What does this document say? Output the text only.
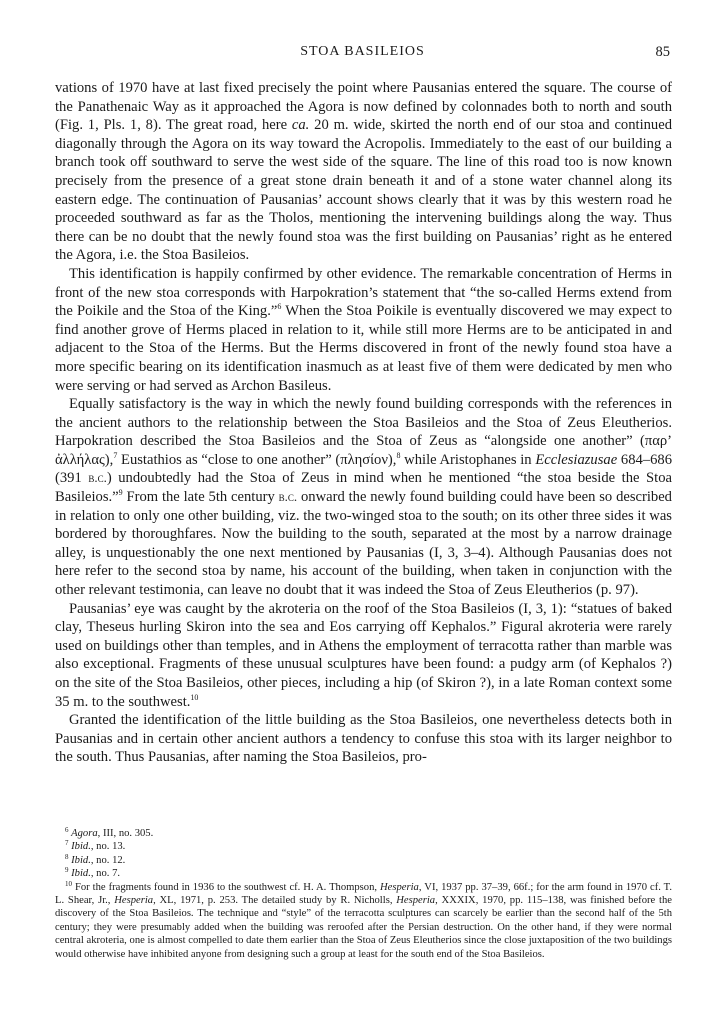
STOA BASILEIOS	85

vations of 1970 have at last fixed precisely the point where Pausanias entered the square. The course of the Panathenaic Way as it approached the Agora is now defined by colonnades both to north and south (Fig. 1, Pls. 1, 8). The great road, here ca. 20 m. wide, skirted the north end of our stoa and continued diagonally through the Agora on its way toward the Acropolis. Immediately to the east of our building a branch took off southward to serve the west side of the square. The line of this road too is now known precisely from the presence of a great stone drain beneath it and of a stone water channel along its eastern edge. The continuation of Pausanias’ account shows clearly that it was by this western road he proceeded southward as far as the Tholos, mentioning the intervening buildings along the way. Thus there can be no doubt that the newly found stoa was the first building on Pausanias’ right as he entered the Agora, i.e. the Stoa Basileios.

This identification is happily confirmed by other evidence. The remarkable concentration of Herms in front of the new stoa corresponds with Harpokration’s statement that “the so-called Herms extend from the Poikile and the Stoa of the King.”$^6$ When the Stoa Poikile is eventually discovered we may expect to find another grove of Herms placed in relation to it, while still more Herms are to be anticipated in and adjacent to the Stoa of the Herms. But the Herms discovered in front of the newly found stoa have a more specific bearing on its identification inasmuch as at least five of them were dedicated by men who were serving or had served as Archon Basileus.

Equally satisfactory is the way in which the newly found building corresponds with the references in the ancient authors to the relationship between the Stoa Basileios and the Stoa of Zeus Eleutherios. Harpokration described the Stoa Basileios and the Stoa of Zeus as “alongside one another” (παρ’ ἀλλήλας),$^7$ Eustathios as “close to one another” (πλησίον),$^8$ while Aristophanes in Ecclesiazusae 684–686 (391 b.c.) undoubtedly had the Stoa of Zeus in mind when he mentioned “the stoa beside the Stoa Basileios.”$^9$ From the late 5th century b.c. onward the newly found building could have been so described in relation to only one other building, viz. the two-winged stoa to the south; on its other three sides it was bordered by thoroughfares. Now the building to the south, separated at the most by a narrow drainage alley, is unquestionably the one next mentioned by Pausanias (I, 3, 3–4). Although Pausanias does not here refer to the second stoa by name, his account of the building, when taken in conjunction with the other relevant testimonia, can leave no doubt that it was indeed the Stoa of Zeus Eleutherios (p. 97).

Pausanias’ eye was caught by the akroteria on the roof of the Stoa Basileios (I, 3, 1): “statues of baked clay, Theseus hurling Skiron into the sea and Eos carrying off Kephalos.” Figural akroteria were rarely used on buildings other than temples, and in Athens the employment of terracotta rather than marble was also exceptional. Fragments of these unusual sculptures have been found: a pudgy arm (of Kephalos ?) on the site of the Stoa Basileios, other pieces, including a hip (of Skiron ?), in a late Roman context some 35 m. to the southwest.$^{10}$

Granted the identification of the little building as the Stoa Basileios, one nevertheless detects both in Pausanias and in certain other ancient authors a tendency to confuse this stoa with its larger neighbor to the south. Thus Pausanias, after naming the Stoa Basileios, pro-

$^6$ Agora, III, no. 305.

$^7$ Ibid., no. 13.

$^8$ Ibid., no. 12.

$^9$ Ibid., no. 7.

$^{10}$ For the fragments found in 1936 to the southwest cf. H. A. Thompson, Hesperia, VI, 1937 pp. 37–39, 66f.; for the arm found in 1970 cf. T. L. Shear, Jr., Hesperia, XL, 1971, p. 253. The detailed study by R. Nicholls, Hesperia, XXXIX, 1970, pp. 115–138, was finished before the discovery of the Stoa Basileios. The technique and “style” of the terracotta sculptures can scarcely be earlier than the second half of the 5th century; they were presumably added when the building was reroofed after the Persian destruction. On the other hand, if they were normal central akroteria, one is almost compelled to date them earlier than the Stoa of Zeus Eleutherios since the close juxtaposition of the two buildings would otherwise have inhibited anyone from designing such a group at least for the south end of the Stoa Basileios.
